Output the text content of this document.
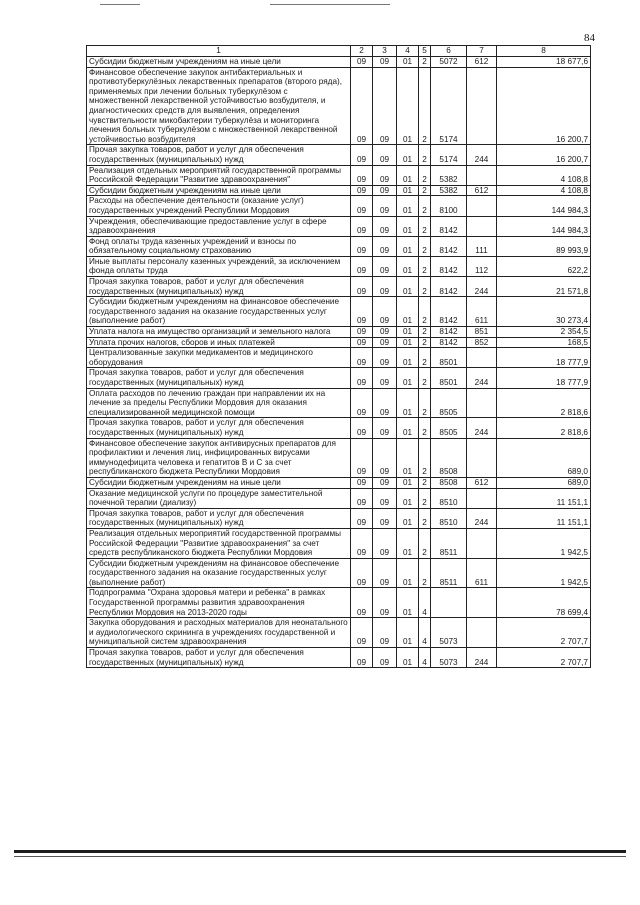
84
1	2	3	4	5	6	7	8
Субсидии бюджетным учреждениям на иные цели	09	09	01	2	5072	612	18 677,6
Финансовое обеспечение закупок антибактериальных и противотуберкулёзных лекарственных препаратов (второго ряда), применяемых при лечении больных туберкулёзом с множественной лекарственной устойчивостью возбудителя, и диагностических средств для выявления, определения чувствительности микобактерии туберкулёза и мониторинга лечения больных туберкулёзом с множественной лекарственной устойчивостью возбудителя	09	09	01	2	5174		16 200,7
Прочая закупка товаров, работ и услуг для обеспечения государственных (муниципальных) нужд	09	09	01	2	5174	244	16 200,7
Реализация отдельных мероприятий государственной программы Российской Федерации "Развитие здравоохранения"	09	09	01	2	5382		4 108,8
Субсидии бюджетным учреждениям на иные цели	09	09	01	2	5382	612	4 108,8
Расходы на обеспечение деятельности (оказание услуг) государственных учреждений Республики Мордовия	09	09	01	2	8100		144 984,3
Учреждения, обеспечивающие предоставление услуг в сфере здравоохранения	09	09	01	2	8142		144 984,3
Фонд оплаты труда казенных учреждений и взносы по обязательному социальному страхованию	09	09	01	2	8142	111	89 993,9
Иные выплаты персоналу казенных учреждений, за исключением фонда оплаты труда	09	09	01	2	8142	112	622,2
Прочая закупка товаров, работ и услуг для обеспечения государственных (муниципальных) нужд	09	09	01	2	8142	244	21 571,8
Субсидии бюджетным учреждениям на финансовое обеспечение государственного задания на оказание государственных услуг (выполнение работ)	09	09	01	2	8142	611	30 273,4
Уплата налога на имущество организаций и земельного налога	09	09	01	2	8142	851	2 354,5
Уплата прочих налогов, сборов и иных платежей	09	09	01	2	8142	852	168,5
Централизованные закупки медикаментов и медицинского оборудования	09	09	01	2	8501		18 777,9
Прочая закупка товаров, работ и услуг для обеспечения государственных (муниципальных) нужд	09	09	01	2	8501	244	18 777,9
Оплата расходов по лечению граждан при направлении их на лечение за пределы Республики Мордовия для оказания специализированной медицинской помощи	09	09	01	2	8505		2 818,6
Прочая закупка товаров, работ и услуг для обеспечения государственных (муниципальных) нужд	09	09	01	2	8505	244	2 818,6
Финансовое обеспечение закупок антивирусных препаратов для профилактики и лечения лиц, инфицированных вирусами иммунодефицита человека и гепатитов В и С за счет республиканского бюджета Республики Мордовия	09	09	01	2	8508		689,0
Субсидии бюджетным учреждениям на иные цели	09	09	01	2	8508	612	689,0
Оказание медицинской услуги по процедуре заместительной почечной терапии (диализу)	09	09	01	2	8510		11 151,1
Прочая закупка товаров, работ и услуг для обеспечения государственных (муниципальных) нужд	09	09	01	2	8510	244	11 151,1
Реализация отдельных мероприятий государственной программы Российской Федерации "Развитие здравоохранения" за счет средств республиканского бюджета Республики Мордовия	09	09	01	2	8511		1 942,5
Субсидии бюджетным учреждениям на финансовое обеспечение государственного задания на оказание государственных услуг (выполнение работ)	09	09	01	2	8511	611	1 942,5
Подпрограмма "Охрана здоровья матери и ребенка" в рамках Государственной программы развития здравоохранения Республики Мордовия на 2013-2020 годы	09	09	01	4			78 699,4
Закупка оборудования и расходных материалов для неонатального и аудиологического скрининга в учреждениях государственной и муниципальной систем здравоохранения	09	09	01	4	5073		2 707,7
Прочая закупка товаров, работ и услуг для обеспечения государственных (муниципальных) нужд	09	09	01	4	5073	244	2 707,7
